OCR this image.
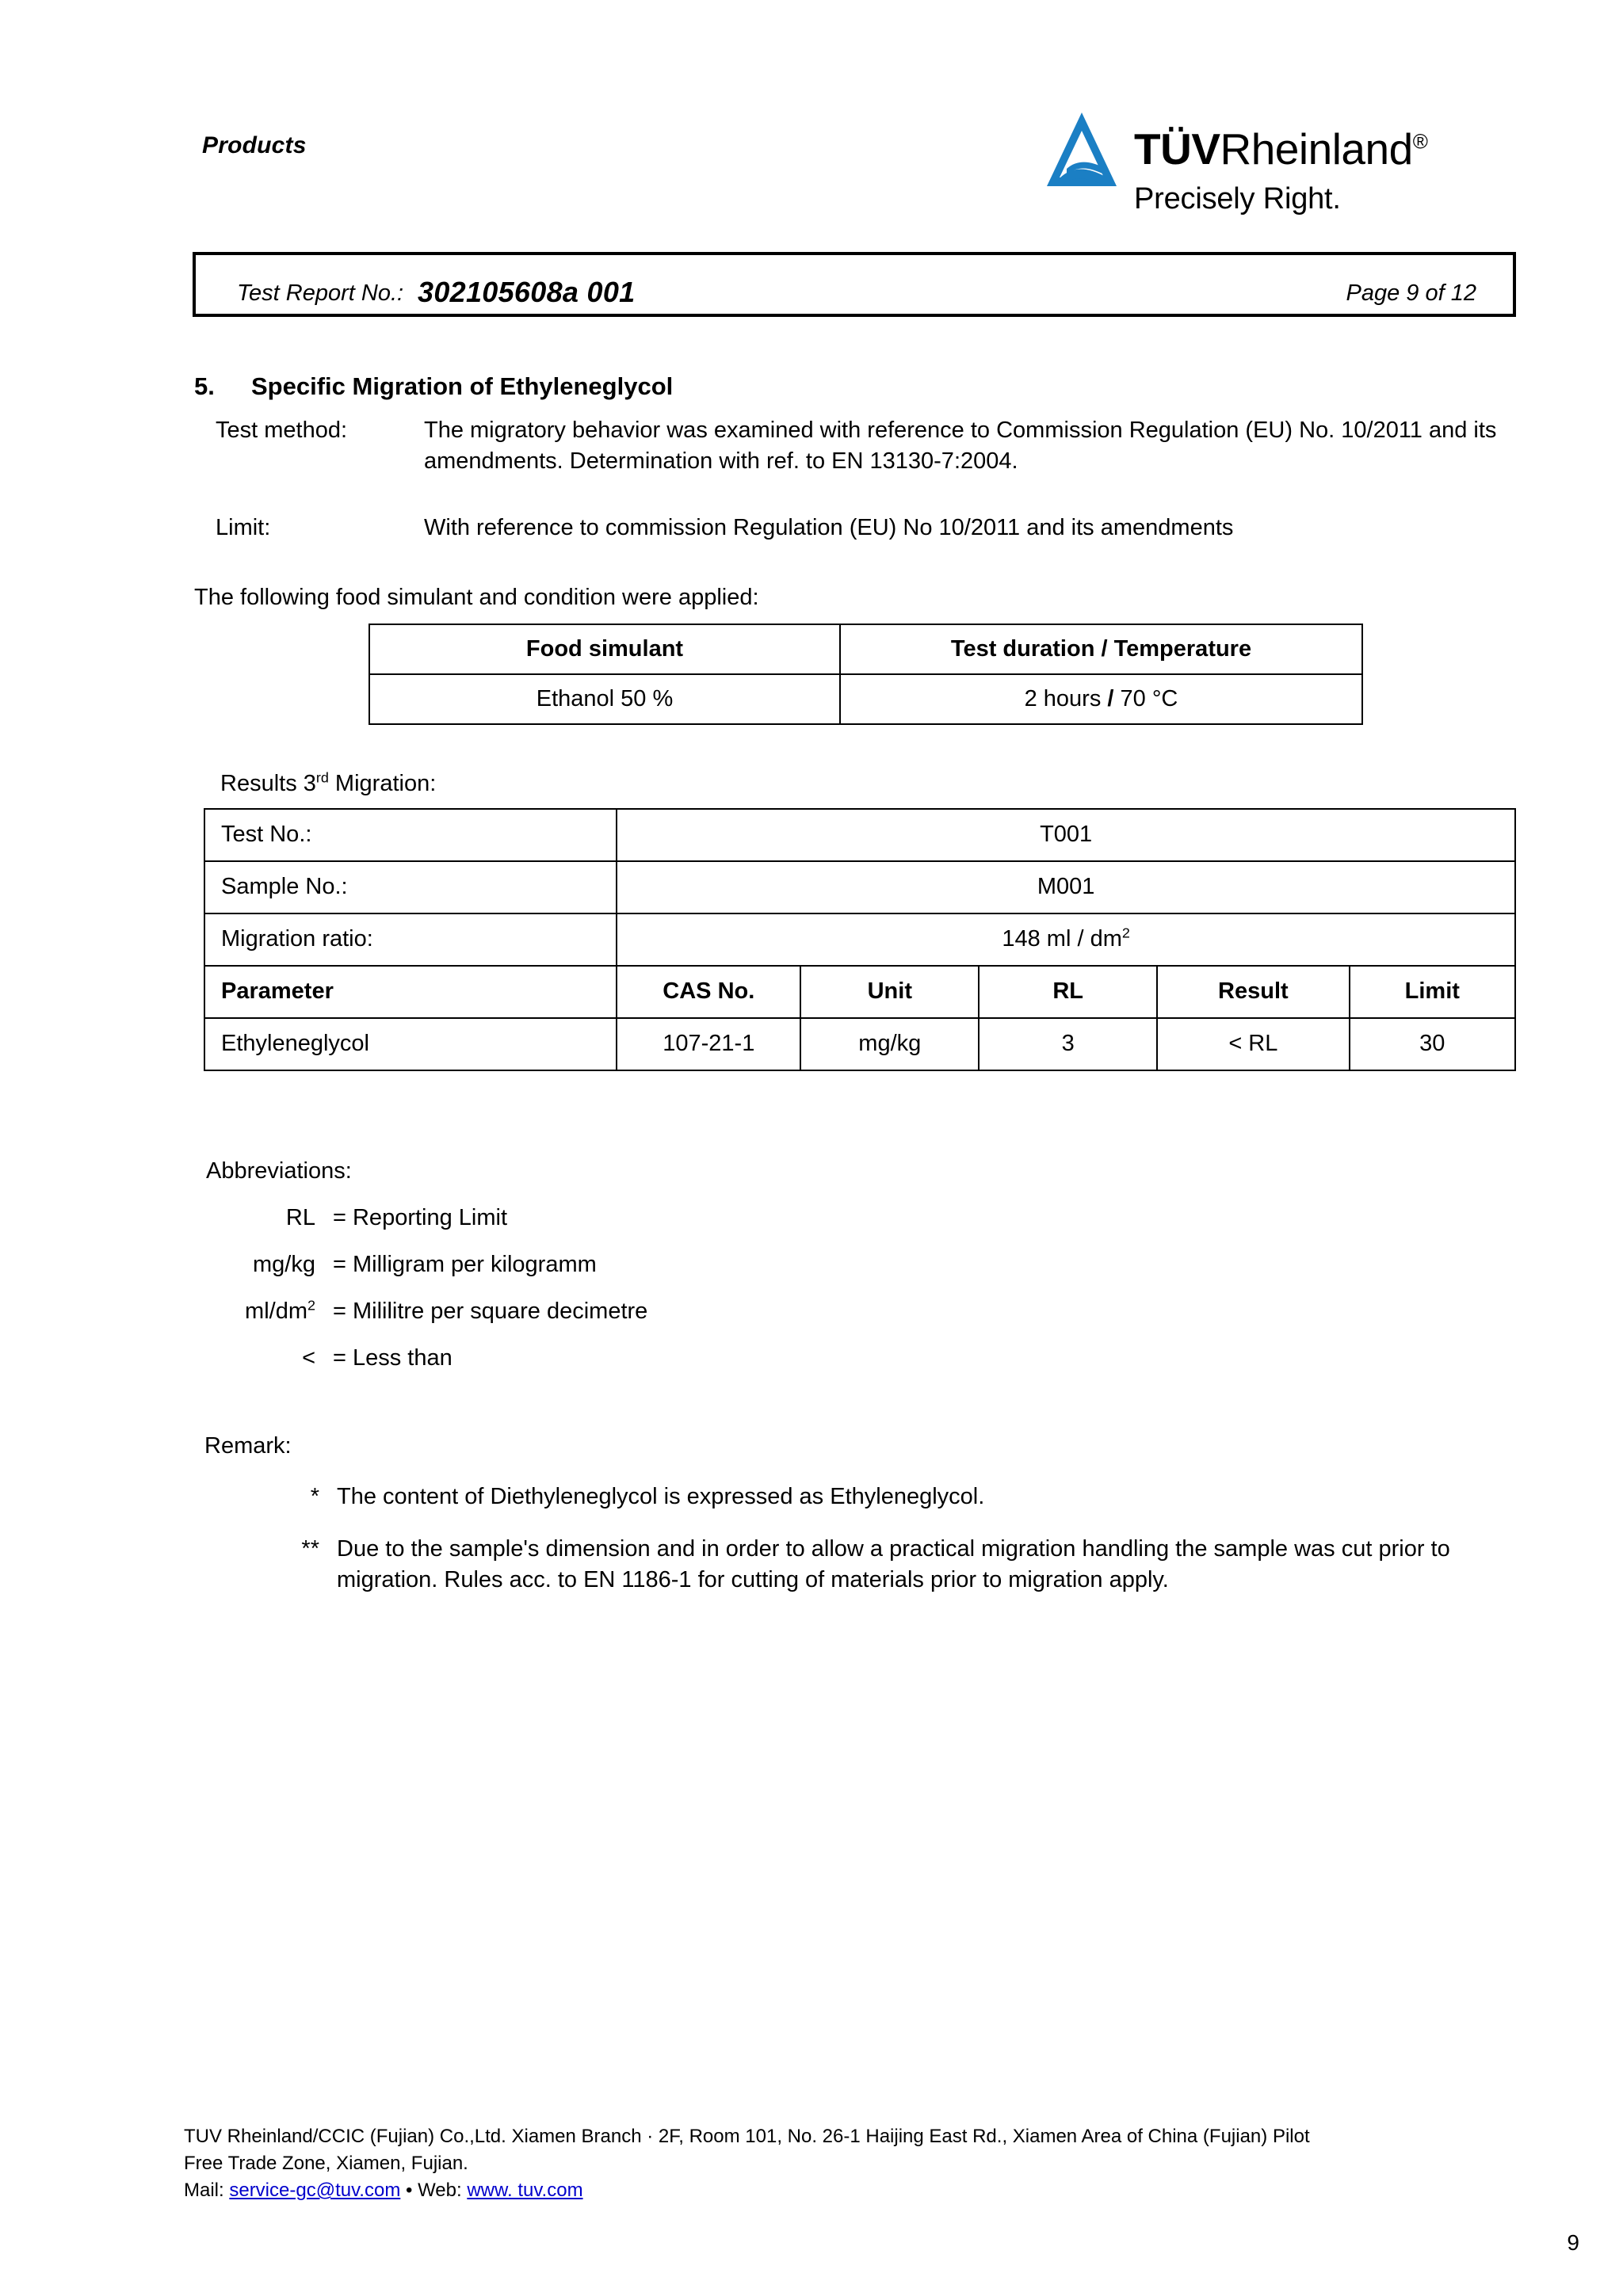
Products	TÜVRheinland®
Precisely Right.
Test Report No.: 302105608a 001	Page 9 of 12
5.	Specific Migration of Ethyleneglycol
Test method:	The migratory behavior was examined with reference to Commission Regulation (EU) No. 10/2011 and its amendments. Determination with ref. to EN 13130-7:2004.
Limit:	With reference to commission Regulation (EU) No 10/2011 and its amendments
The following food simulant and condition were applied:
Food simulant	Test duration / Temperature
Ethanol 50 %	2 hours / 70 °C
Results 3rd Migration:
Test No.:	T001				
Sample No.:	M001				
Migration ratio:	148 ml / $dm^2$
Parameter	CAS No.	Unit	RL	Result	Limit
Ethyleneglycol	107-21-1	mg/kg	3	< RL	30
Abbreviations:
RL = Reporting Limit
mg/kg = Milligram per kilogramm
$ml/dm^2$ = Mililitre per square decimetre
< = Less than
Remark:
* The content of Diethyleneglycol is expressed as Ethyleneglycol.
** Due to the sample's dimension and in order to allow a practical migration handling the sample was cut prior to migration. Rules acc. to EN 1186-1 for cutting of materials prior to migration apply.
TUV Rheinland/CCIC (Fujian) Co.,Ltd. Xiamen Branch · 2F, Room 101, No. 26-1 Haijing East Rd., Xiamen Area of China (Fujian) Pilot
Free Trade Zone, Xiamen, Fujian.
Mail: service-gc@tuv.com • Web: www. tuv.com
9
